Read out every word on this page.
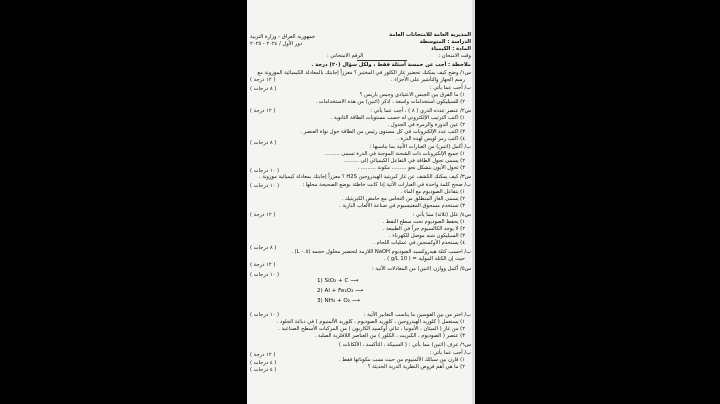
المديرية العامة للامتحانات العامة
الدراسة : المتوسطة
المادة : الكيمياء
وقت الامتحان :
جمهورية العراق - وزارة التربية
دور الأول / ٢٠٢٤ - ٢٠٢٥
الرقم الامتحاني :
ملاحظة : أجب عن خمسة أسئلة فقط ، ولكل سؤال (٢٠) درجة .
س١/ وضح كيف يمكنك تحضير غاز الكلور في المختبر ؟ معززاً إجابتك بالمعادلة الكيميائية الموزونة مع
رسم الجهاز والتأشير على الأجزاء .
ب/ أجب عما يأتي :
١) ما الفرق بين الجبس الاعتيادي وجبس باريس ؟
٢) للسيليكون استخدامات واسعة ، اذكر (اثنين) من هذه الاستخدامات .
س٢/ عنصر عدده الذري ( ٨ ) ، أجب عما يأتي :
١) اكتب الترتيب الإلكتروني له حسب مستويات الطاقة الثانوية .
٢) عين الدورة والزمرة في الجدول .
٣) اكتب عدد الإلكترونات في كل مستوى رئيس من الطاقة حول نواة العنصر .
٤) اكتب رمز لويس لهذه الذرة .
ب/ أكمل (اثنين) من العبارات الآتية بما يناسبها :
١) جميع الإلكترونات ذات الشحنة الموجبة في الذرة تسمى .........
٢) يسمى تحول الطاقة في التفاعل الكيميائي إلى .........
٣) تحول الأيون بتشكل نحو ......... مكونة ......... .
س٣/ كيف يمكنك الكشف عن غاز كبريتيد الهيدروجين H2S ؟ معززاً إجابتك بمعادلة كيميائية موزونة .
ب/ صحح كلمة واحدة في العبارات الآتية إذا كانت خاطئة بوضع الصحيحة محلها :
١) يتفاعل الصوديوم مع الماء .
٢) يسمى الغاز المنطلق من النحاس مع حامض الكبريتيك .
٣) تستخدم مسحوق المغنيسيوم في صناعة الألعاب النارية .
س٤/ علل (ثلاثة) مما يأتي :
١) يحفظ الصوديوم تحت سطح النفط .
٢) لا يوجد الكالسيوم حراً في الطبيعة .
٣) السيليكون شبه موصل للكهرباء .
٤) يستخدم الأوكسجين في عمليات اللحام .
ب/ احسب كتلة هيدروكسيد الصوديوم NaOH اللازمة لتحضير محلول حجمه (٠.٥ L) .
حيث إن الكتلة المولية = ( 10 g/L ) .
س٥/ أكمل ووازن (اثنين) من المعادلات الآتية :
ب/ اختر من بين القوسين ما يناسب التعابير الآتية :
١) يستعمل ( كلوريد الهيدروجين ، كلوريد الصوديوم ، كلوريد الألمنيوم ) في دباغة الجلود .
٢) من غاز ( الميثان ، الأمونيا ، ثنائي أوكسيد الكاربون ) من المركبات الأسطح الصناعية .
٣) عنصر ( الصوديوم ، الكبريت ، الكلور ) من العناصر اللافلزية الصلبة .
س٦/ عرف (اثنين) مما يأتي : ( السبيكة ، التأكسد ، الألكانات )
ب/ أجب عما يأتي :
١) قارن بين سبائك الألمنيوم من حيث نسب مكوناتها فقط .
٢) ما هي أهم فروض النظرية الذرية الحديثة ؟
( ١٢ درجة )
( ٨ درجات )
( ١٢ درجة )
( ٨ درجات )
( ١٠ درجات )
( ١٠ درجات )
( ١٢ درجة )
( ٨ درجات )
( ١٢ درجة )
( ١٠ درجات )
( ١٠ درجات )
( ١٢ درجة )
( ٤ درجات )
( ٤ درجات )
1) SiO₂ + C ⟶
2) Al + Fe₂O₃ ⟶
3) NH₃ + O₂ ⟶
